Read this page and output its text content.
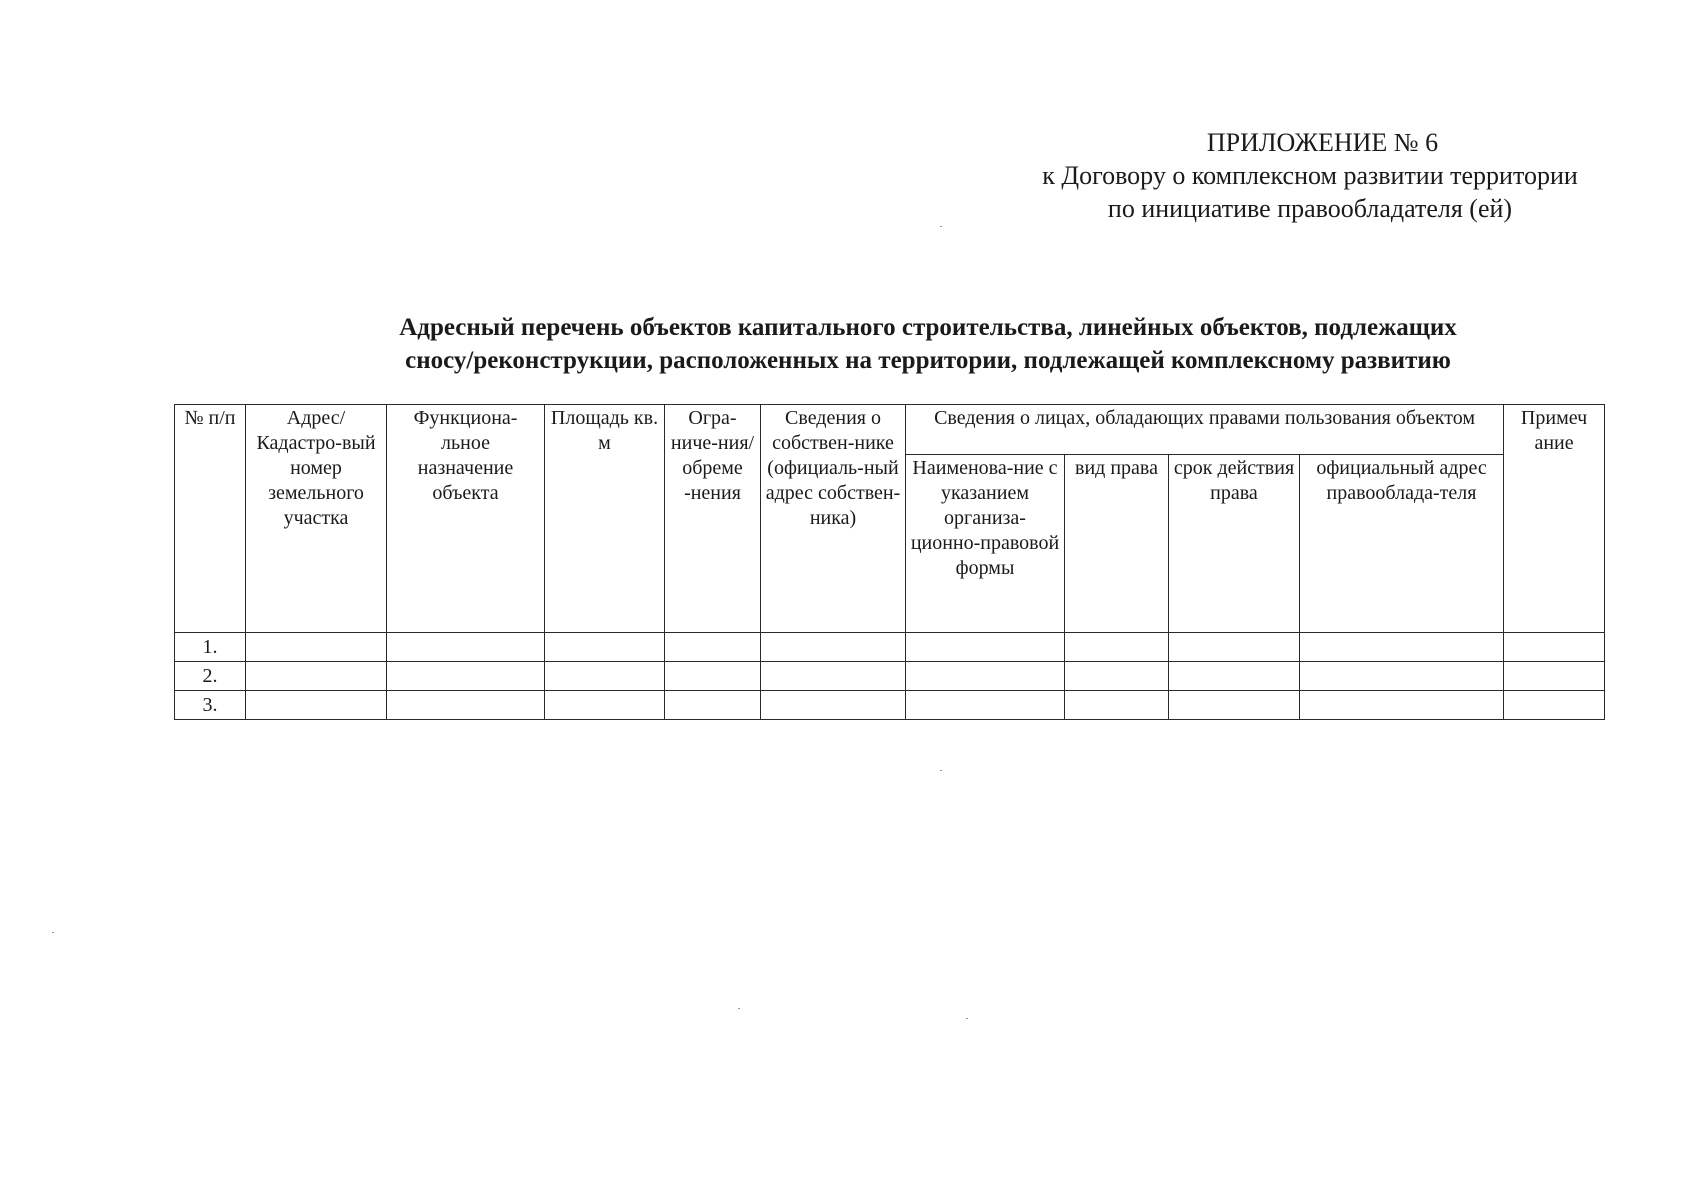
ПРИЛОЖЕНИЕ № 6
к Договору о комплексном развитии территории
по инициативе правообладателя (ей)
Адресный перечень объектов капитального строительства, линейных объектов, подлежащих
сносу/реконструкции, расположенных на территории, подлежащей комплексному развитию
№ п/п	Адрес/ Кадастро-вый номер земельного участка	Функциона-льное назначение объекта	Площадь кв. м	Огра-ниче-ния/ обреме -нения	Сведения о собствен-нике (официаль-ный адрес собствен-ника)	Сведения о лицах, обладающих правами пользования объектом				Примеч ание
						Наименова-ние с указанием организа-ционно-правовой формы	вид права	срок действия права	официальный адрес правооблада-теля	
1.										
2.										
3.										
